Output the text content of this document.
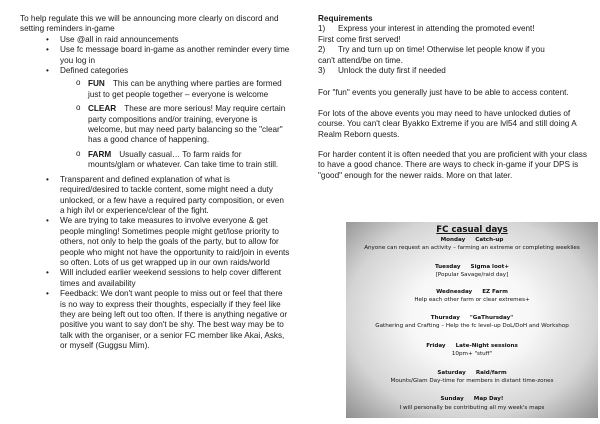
To help regulate this we will be announcing more clearly on discord and setting reminders in-game
• Use @all in raid announcements
• Use fc message board in-game as another reminder every time you log in
• Defined categories
o FUN This can be anything where parties are formed just to get people together – everyone is welcome
o CLEAR These are more serious! May require certain party compositions and/or training, everyone is welcome, but may need party balancing so the "clear" has a good chance of happening.
o FARM Usually casual… To farm raids for mounts/glam or whatever. Can take time to train still.
• Transparent and defined explanation of what is required/desired to tackle content, some might need a duty unlocked, or a few have a required party composition, or even a high ilvl or experience/clear of the fight.
• We are trying to take measures to involve everyone & get people mingling! Sometimes people might get/lose priority to others, not only to help the goals of the party, but to allow for people who might not have the opportunity to raid/join in events so often. Lots of us get wrapped up in our own raids/world
• Will included earlier weekend sessions to help cover different times and availability
• Feedback: We don't want people to miss out or feel that there is no way to express their thoughts, especially if they feel like they are being left out too often. If there is anything negative or positive you want to say don't be shy. The best way may be to talk with the organiser, or a senior FC member like Akai, Asks, or myself (Guggsu Mim).
Requirements
1)	Express your interest in attending the promoted event!
First come first served!
2)	Try and turn up on time! Otherwise let people know if you
can't attend/be on time.
3)	Unlock the duty first if needed
For "fun" events you generally just have to be able to access content.
For lots of the above events you may need to have unlocked duties of course. You can't clear Byakko Extreme if you are lvl54 and still doing A Realm Reborn quests.
For harder content it is often needed that you are proficient with your class to have a good chance. There are ways to check in-game if your DPS is "good" enough for the newer raids. More on that later.
FC casual days
Monday Catch-up
Anyone can request an activity – farming an extreme or completing weeklies
Tuesday Sigma loot+
[Popular Savage/raid day]
Wednesday EZ Farm
Help each other farm or clear extremes+
Thursday "GaThursday"
Gathering and Crafting – Help the fc level-up DoL/DoH and Workshop
Friday Late-Night sessions
10pm+ "stuff"
Saturday Raid/farm
Mounts/Glam Day-time for members in distant time-zones
Sunday Map Day!
I will personally be contributing all my week's maps
